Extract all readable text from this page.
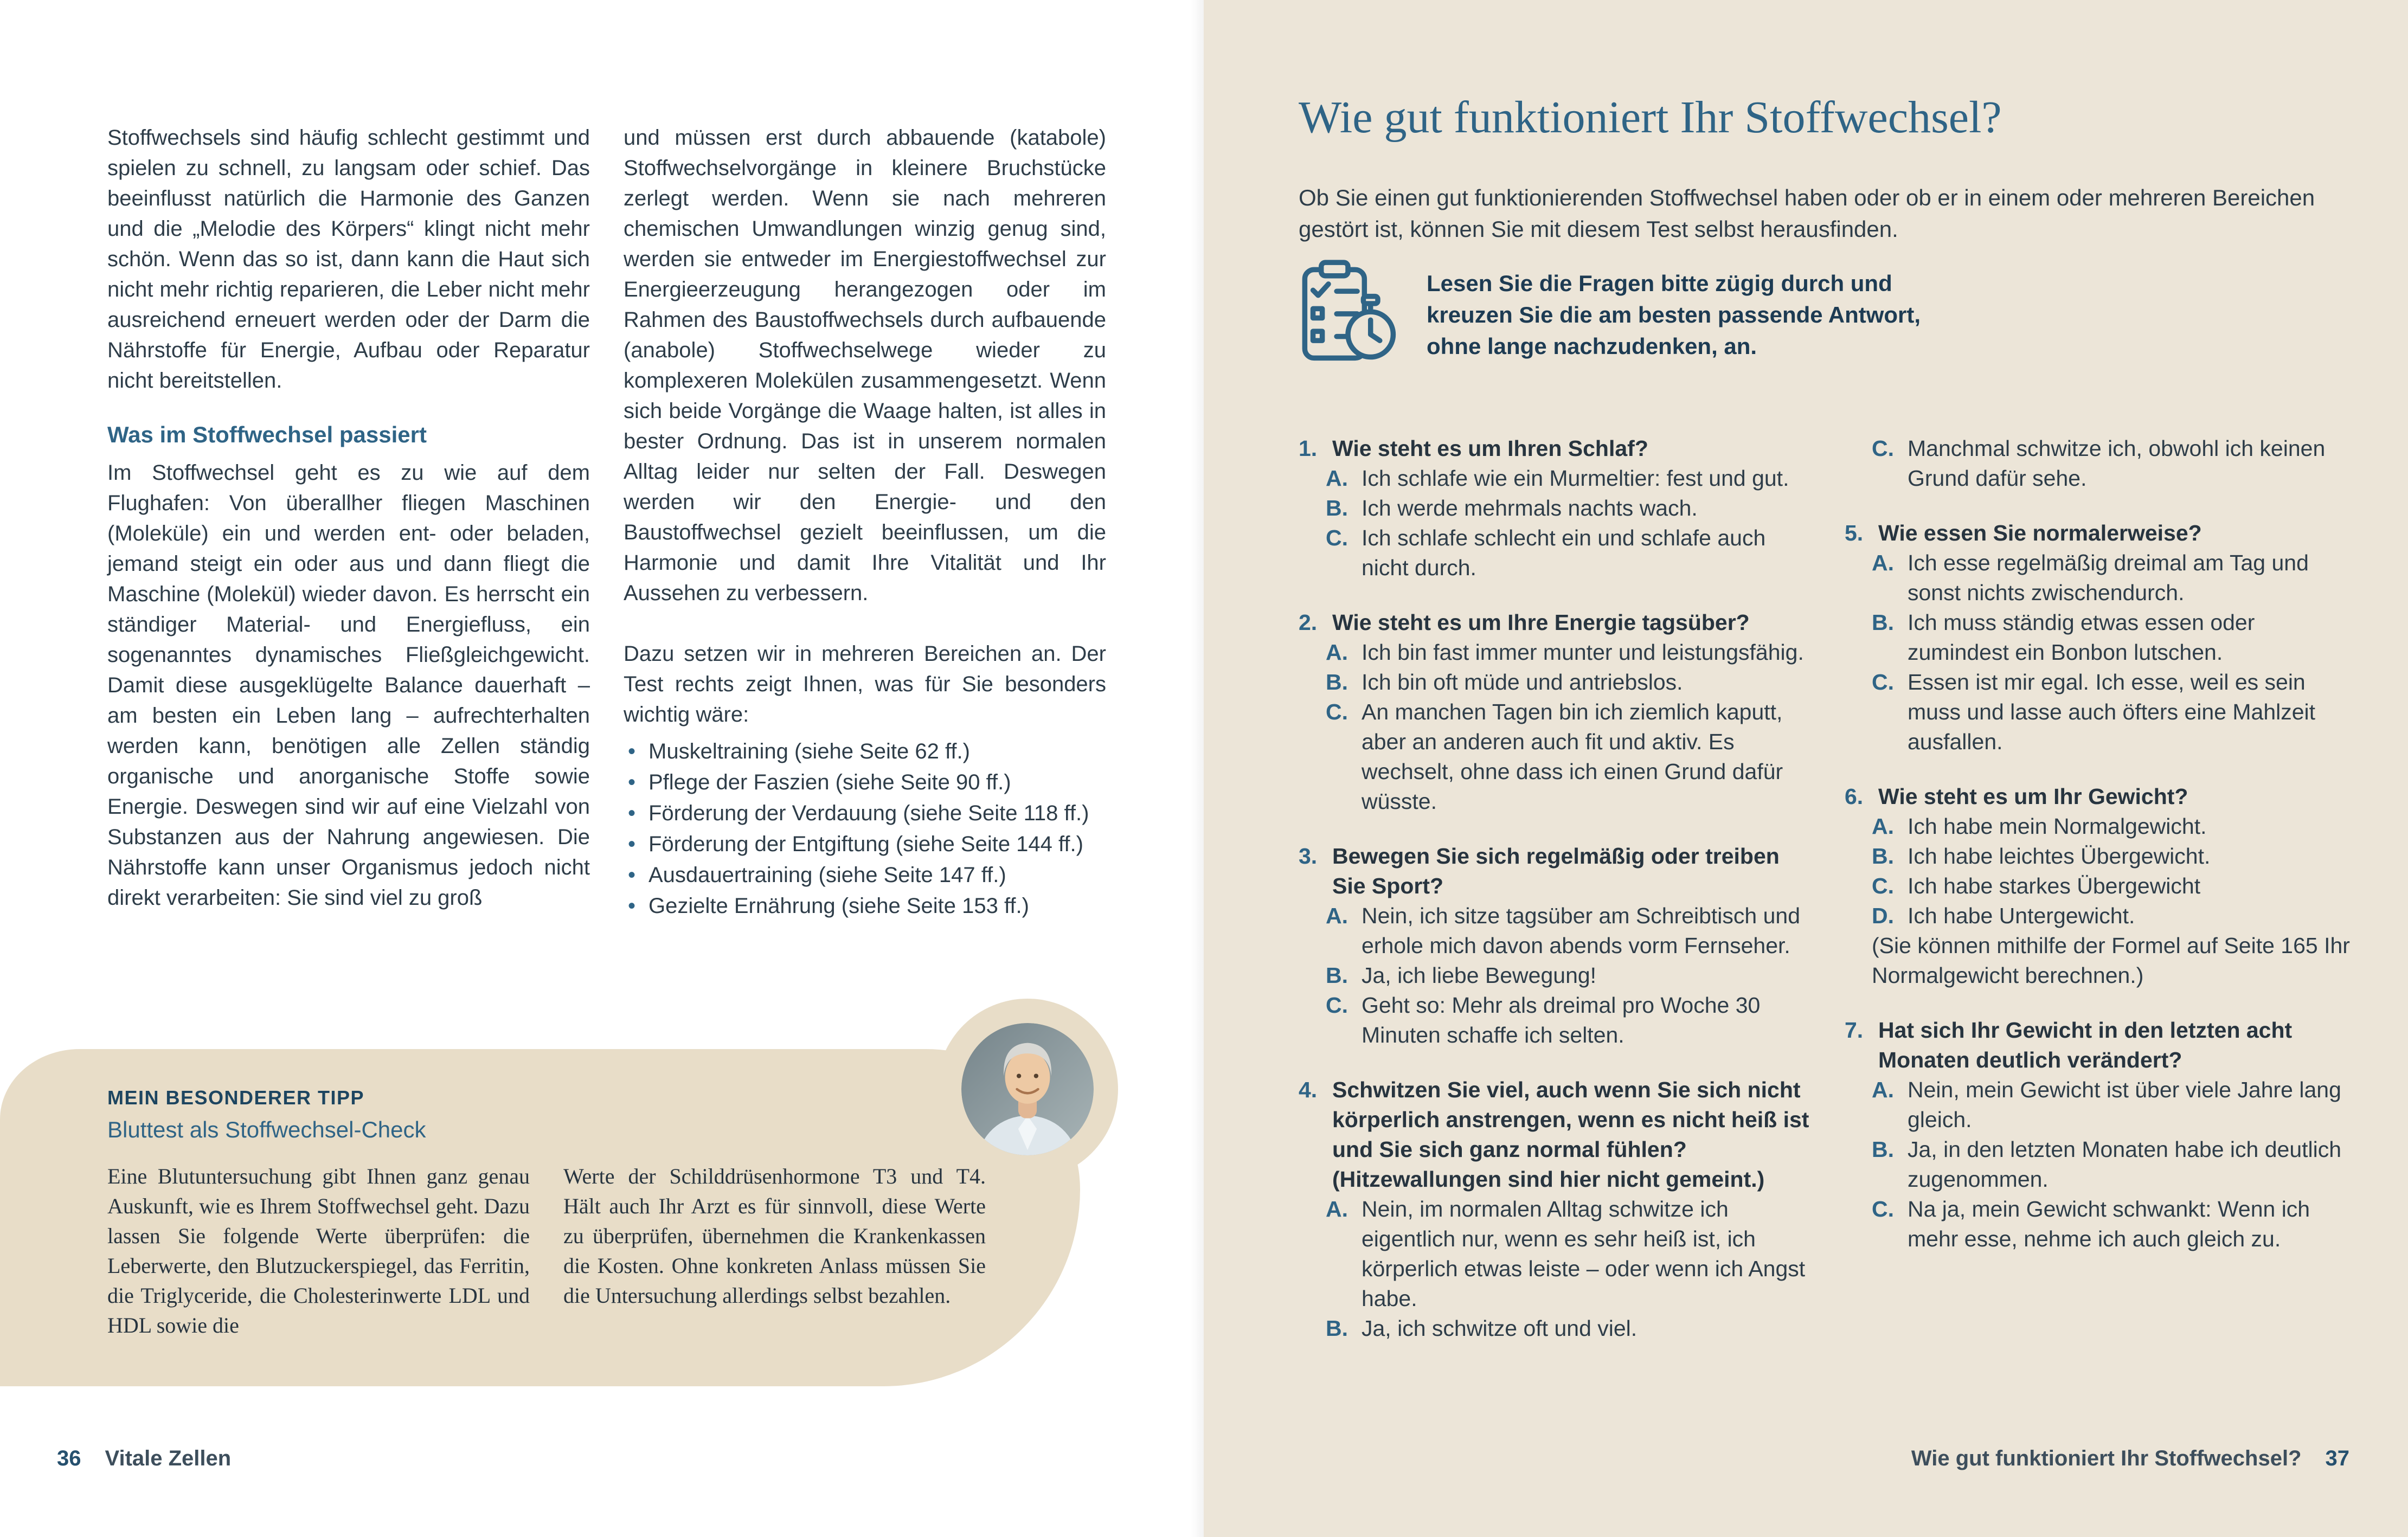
Stoffwechsels sind häufig schlecht gestimmt und spielen zu schnell, zu langsam oder schief. Das beeinflusst natürlich die Harmonie des Ganzen und die „Melodie des Körpers“ klingt nicht mehr schön. Wenn das so ist, dann kann die Haut sich nicht mehr richtig reparieren, die Leber nicht mehr ausreichend erneuert werden oder der Darm die Nährstoffe für Energie, Aufbau oder Reparatur nicht bereitstellen.

Was im Stoffwechsel passiert

Im Stoffwechsel geht es zu wie auf dem Flughafen: Von überallher fliegen Maschinen (Moleküle) ein und werden ent- oder beladen, jemand steigt ein oder aus und dann fliegt die Maschine (Molekül) wieder davon. Es herrscht ein ständiger Material- und Energiefluss, ein sogenanntes dynamisches Fließgleichgewicht. Damit diese ausgeklügelte Balance dauerhaft – am besten ein Leben lang – aufrechterhalten werden kann, benötigen alle Zellen ständig organische und anorganische Stoffe sowie Energie. Deswegen sind wir auf eine Vielzahl von Substanzen aus der Nahrung angewiesen. Die Nährstoffe kann unser Organismus jedoch nicht direkt verarbeiten: Sie sind viel zu groß

und müssen erst durch abbauende (katabole) Stoffwechselvorgänge in kleinere Bruchstücke zerlegt werden. Wenn sie nach mehreren chemischen Umwandlungen winzig genug sind, werden sie entweder im Energiestoffwechsel zur Energieerzeugung herangezogen oder im Rahmen des Baustoffwechsels durch aufbauende (anabole) Stoffwechselwege wieder zu komplexeren Molekülen zusammengesetzt. Wenn sich beide Vorgänge die Waage halten, ist alles in bester Ordnung. Das ist in unserem normalen Alltag leider nur selten der Fall. Deswegen werden wir den Energie- und den Baustoffwechsel gezielt beeinflussen, um die Harmonie und damit Ihre Vitalität und Ihr Aussehen zu verbessern.

Dazu setzen wir in mehreren Bereichen an. Der Test rechts zeigt Ihnen, was für Sie besonders wichtig wäre:

• Muskeltraining (siehe Seite 62 ff.)
• Pflege der Faszien (siehe Seite 90 ff.)
• Förderung der Verdauung (siehe Seite 118 ff.)
• Förderung der Entgiftung (siehe Seite 144 ff.)
• Ausdauertraining (siehe Seite 147 ff.)
• Gezielte Ernährung (siehe Seite 153 ff.)
MEIN BESONDERER TIPP
Bluttest als Stoffwechsel-Check

Eine Blutuntersuchung gibt Ihnen ganz genau Auskunft, wie es Ihrem Stoffwechsel geht. Dazu lassen Sie folgende Werte überprüfen: die Leberwerte, den Blutzuckerspiegel, das Ferritin, die Triglyceride, die Cholesterinwerte LDL und HDL sowie die

Werte der Schilddrüsenhormone T3 und T4. Hält auch Ihr Arzt es für sinnvoll, diese Werte zu überprüfen, übernehmen die Krankenkassen die Kosten. Ohne konkreten Anlass müssen Sie die Untersuchung allerdings selbst bezahlen.

36 Vitale Zellen
Wie gut funktioniert Ihr Stoffwechsel?

Ob Sie einen gut funktionierenden Stoffwechsel haben oder ob er in einem oder mehreren Bereichen gestört ist, können Sie mit diesem Test selbst herausfinden.

Lesen Sie die Fragen bitte zügig durch und kreuzen Sie die am besten passende Antwort, ohne lange nachzudenken, an.

1. Wie steht es um Ihren Schlaf?
A. Ich schlafe wie ein Murmeltier: fest und gut.
B. Ich werde mehrmals nachts wach.
C. Ich schlafe schlecht ein und schlafe auch nicht durch.
2. Wie steht es um Ihre Energie tagsüber?
A. Ich bin fast immer munter und leistungsfähig.
B. Ich bin oft müde und antriebslos.
C. An manchen Tagen bin ich ziemlich kaputt, aber an anderen auch fit und aktiv. Es wechselt, ohne dass ich einen Grund dafür wüsste.
3. Bewegen Sie sich regelmäßig oder treiben Sie Sport?
A. Nein, ich sitze tagsüber am Schreibtisch und erhole mich davon abends vorm Fernseher.
B. Ja, ich liebe Bewegung!
C. Geht so: Mehr als dreimal pro Woche 30 Minuten schaffe ich selten.
4. Schwitzen Sie viel, auch wenn Sie sich nicht körperlich anstrengen, wenn es nicht heiß ist und Sie sich ganz normal fühlen? (Hitzewallungen sind hier nicht gemeint.)
A. Nein, im normalen Alltag schwitze ich eigentlich nur, wenn es sehr heiß ist, ich körperlich etwas leiste – oder wenn ich Angst habe.
B. Ja, ich schwitze oft und viel.
C. Manchmal schwitze ich, obwohl ich keinen Grund dafür sehe.
5. Wie essen Sie normalerweise?
A. Ich esse regelmäßig dreimal am Tag und sonst nichts zwischendurch.
B. Ich muss ständig etwas essen oder zumindest ein Bonbon lutschen.
C. Essen ist mir egal. Ich esse, weil es sein muss und lasse auch öfters eine Mahlzeit ausfallen.
6. Wie steht es um Ihr Gewicht?
A. Ich habe mein Normalgewicht.
B. Ich habe leichtes Übergewicht.
C. Ich habe starkes Übergewicht
D. Ich habe Untergewicht.
(Sie können mithilfe der Formel auf Seite 165 Ihr Normalgewicht berechnen.)
7. Hat sich Ihr Gewicht in den letzten acht Monaten deutlich verändert?
A. Nein, mein Gewicht ist über viele Jahre lang gleich.
B. Ja, in den letzten Monaten habe ich deutlich zugenommen.
C. Na ja, mein Gewicht schwankt: Wenn ich mehr esse, nehme ich auch gleich zu.
Wie gut funktioniert Ihr Stoffwechsel? 37
